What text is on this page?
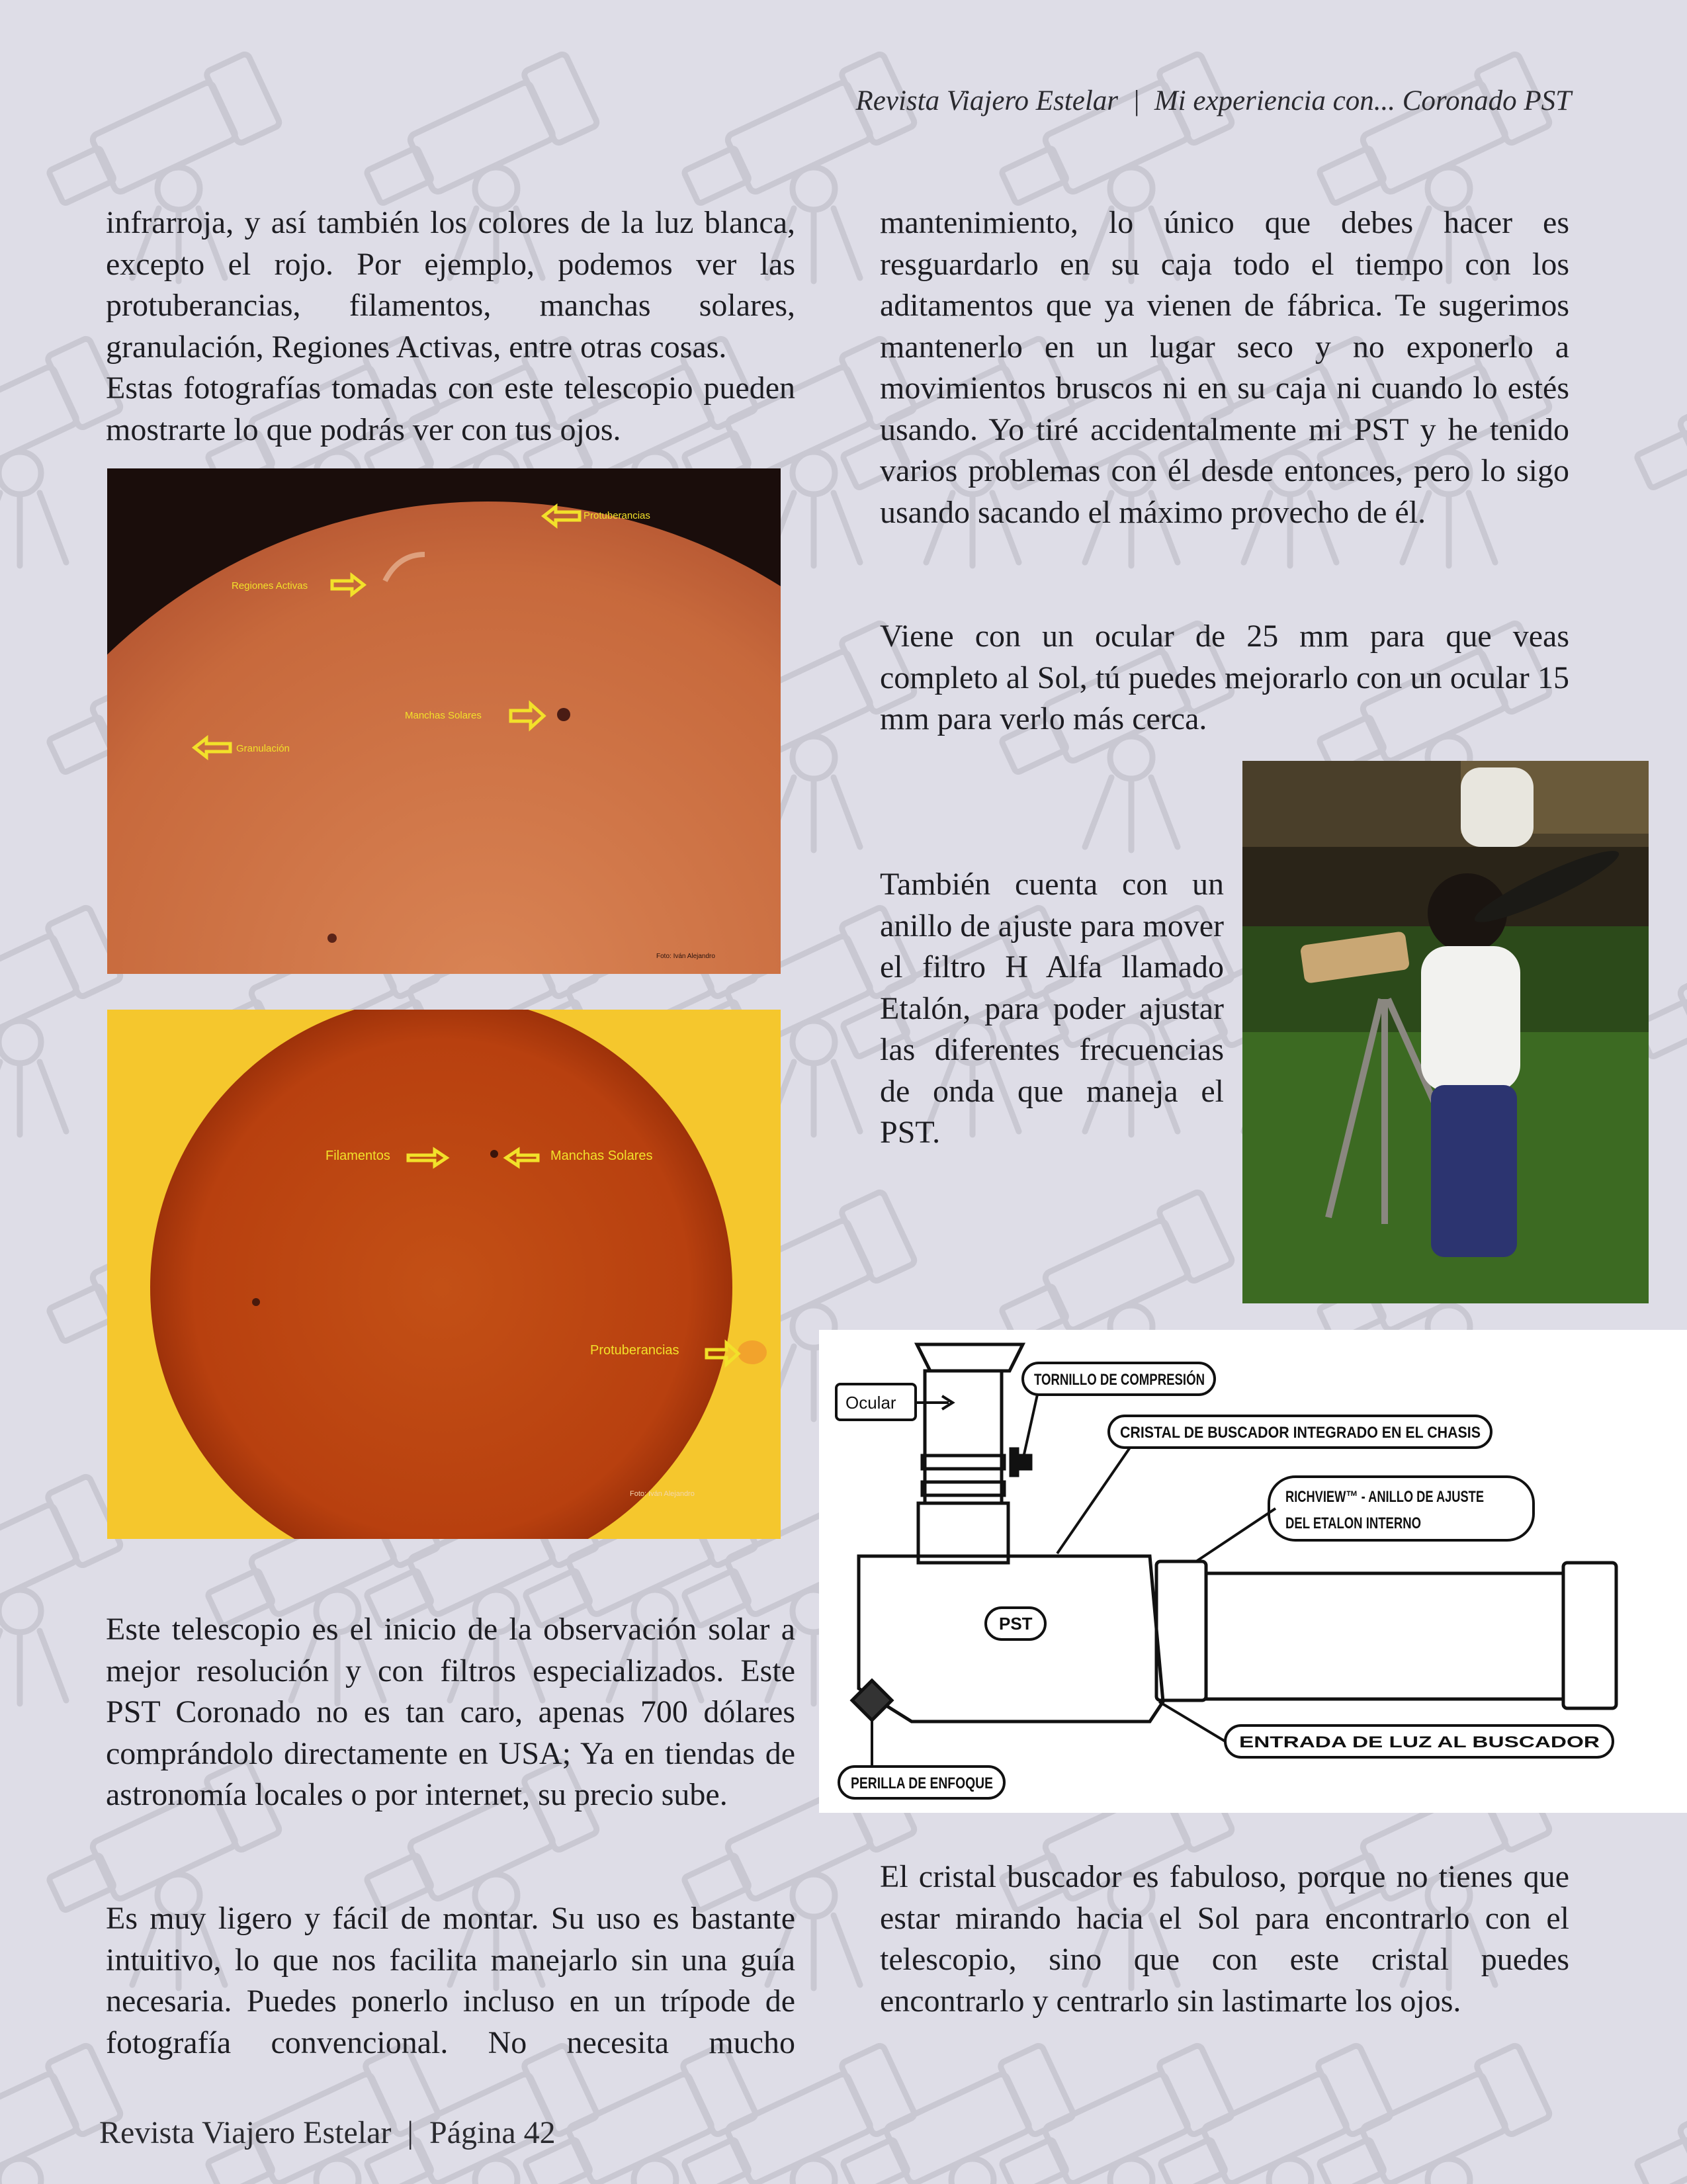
Revista Viajero Estelar  |  Mi experiencia con... Coronado PST
infrarroja, y así también los colores de la luz blanca, excepto el rojo. Por ejemplo, podemos ver las protuberancias, filamentos, manchas solares, granulación, Regiones Activas, entre otras cosas.
Estas fotografías tomadas con este telescopio pueden mostrarte lo que podrás ver con tus ojos.
Protuberancias
Regiones Activas
Manchas Solares
Granulación
Foto: Iván Alejandro
Filamentos	Manchas Solares
Protuberancias
Foto: Iván Alejandro
Este telescopio es el inicio de la observación solar a mejor resolución y con filtros especializados. Este PST Coronado no es tan caro, apenas 700 dólares comprándolo directamente en USA; Ya en tiendas de astronomía locales o por internet, su precio sube.
Es muy ligero y fácil de montar. Su uso es bastante intuitivo, lo que nos facilita manejarlo sin una guía necesaria. Puedes ponerlo incluso en un trípode de fotografía convencional. No necesita mucho
mantenimiento, lo único que debes hacer es resguardarlo en su caja todo el tiempo con los aditamentos que ya vienen de fábrica. Te sugerimos mantenerlo en un lugar seco y no exponerlo a movimientos bruscos ni en su caja ni cuando lo estés usando. Yo tiré accidentalmente mi PST y he tenido varios problemas con él desde entonces, pero lo sigo usando sacando el máximo provecho de él.
Viene con un ocular de 25 mm para que veas completo al Sol, tú puedes mejorarlo con un ocular 15 mm para verlo más cerca.
También cuenta con un anillo de ajuste para mover el filtro H Alfa llamado Etalón, para poder ajustar las diferentes frecuencias de onda que maneja el PST.
Ocular
TORNILLO DE COMPRESIÓN
CRISTAL DE BUSCADOR INTEGRADO EN EL CHASIS
RICHVIEW™ - ANILLO DE AJUSTE
DEL ETALON INTERNO
PST
ENTRADA DE LUZ AL BUSCADOR
PERILLA DE ENFOQUE
El cristal buscador es fabuloso, porque no tienes que estar mirando hacia el Sol para encontrarlo con el telescopio, sino que con este cristal puedes encontrarlo y centrarlo sin lastimarte los ojos.
Revista Viajero Estelar  |  Página 42
